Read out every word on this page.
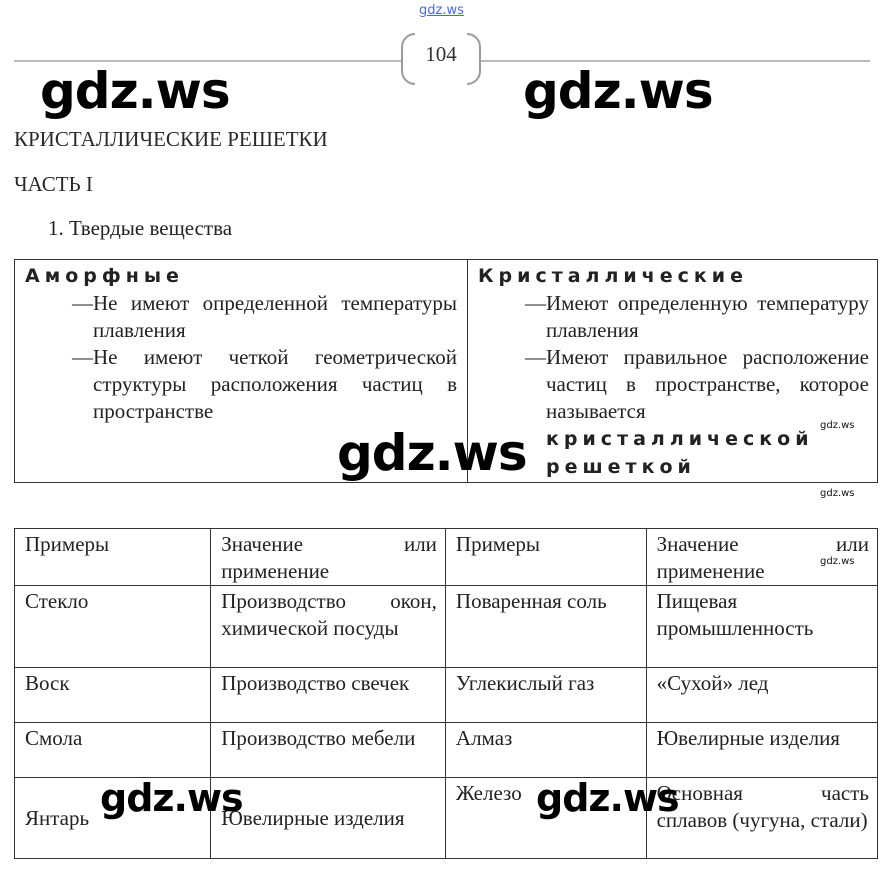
gdz.ws
104
КРИСТАЛЛИЧЕСКИЕ РЕШЕТКИ
ЧАСТЬ I
1. Твердые вещества
Аморфные
— Не имеют определенной температуры плавления
— Не имеют четкой геометрической структуры расположения частиц в пространстве

Кристаллические
— Имеют определенную температуру плавления
— Имеют правильное расположение частиц в пространстве, которое называется
кристаллической решеткой
Примеры	Значение или применение	Примеры	Значение или применение
Стекло	Производство окон, химической посуды	Поваренная соль	Пищевая промышленность
Воск	Производство свечек	Углекислый газ	«Сухой» лед
Смола	Производство мебели	Алмаз	Ювелирные изделия
Янтарь	Ювелирные изделия	Железо	Основная часть сплавов (чугуна, стали)
gdz.ws	gdz.ws
gdz.ws
gdz.ws	gdz.ws
gdz.ws
gdz.ws
gdz.ws
